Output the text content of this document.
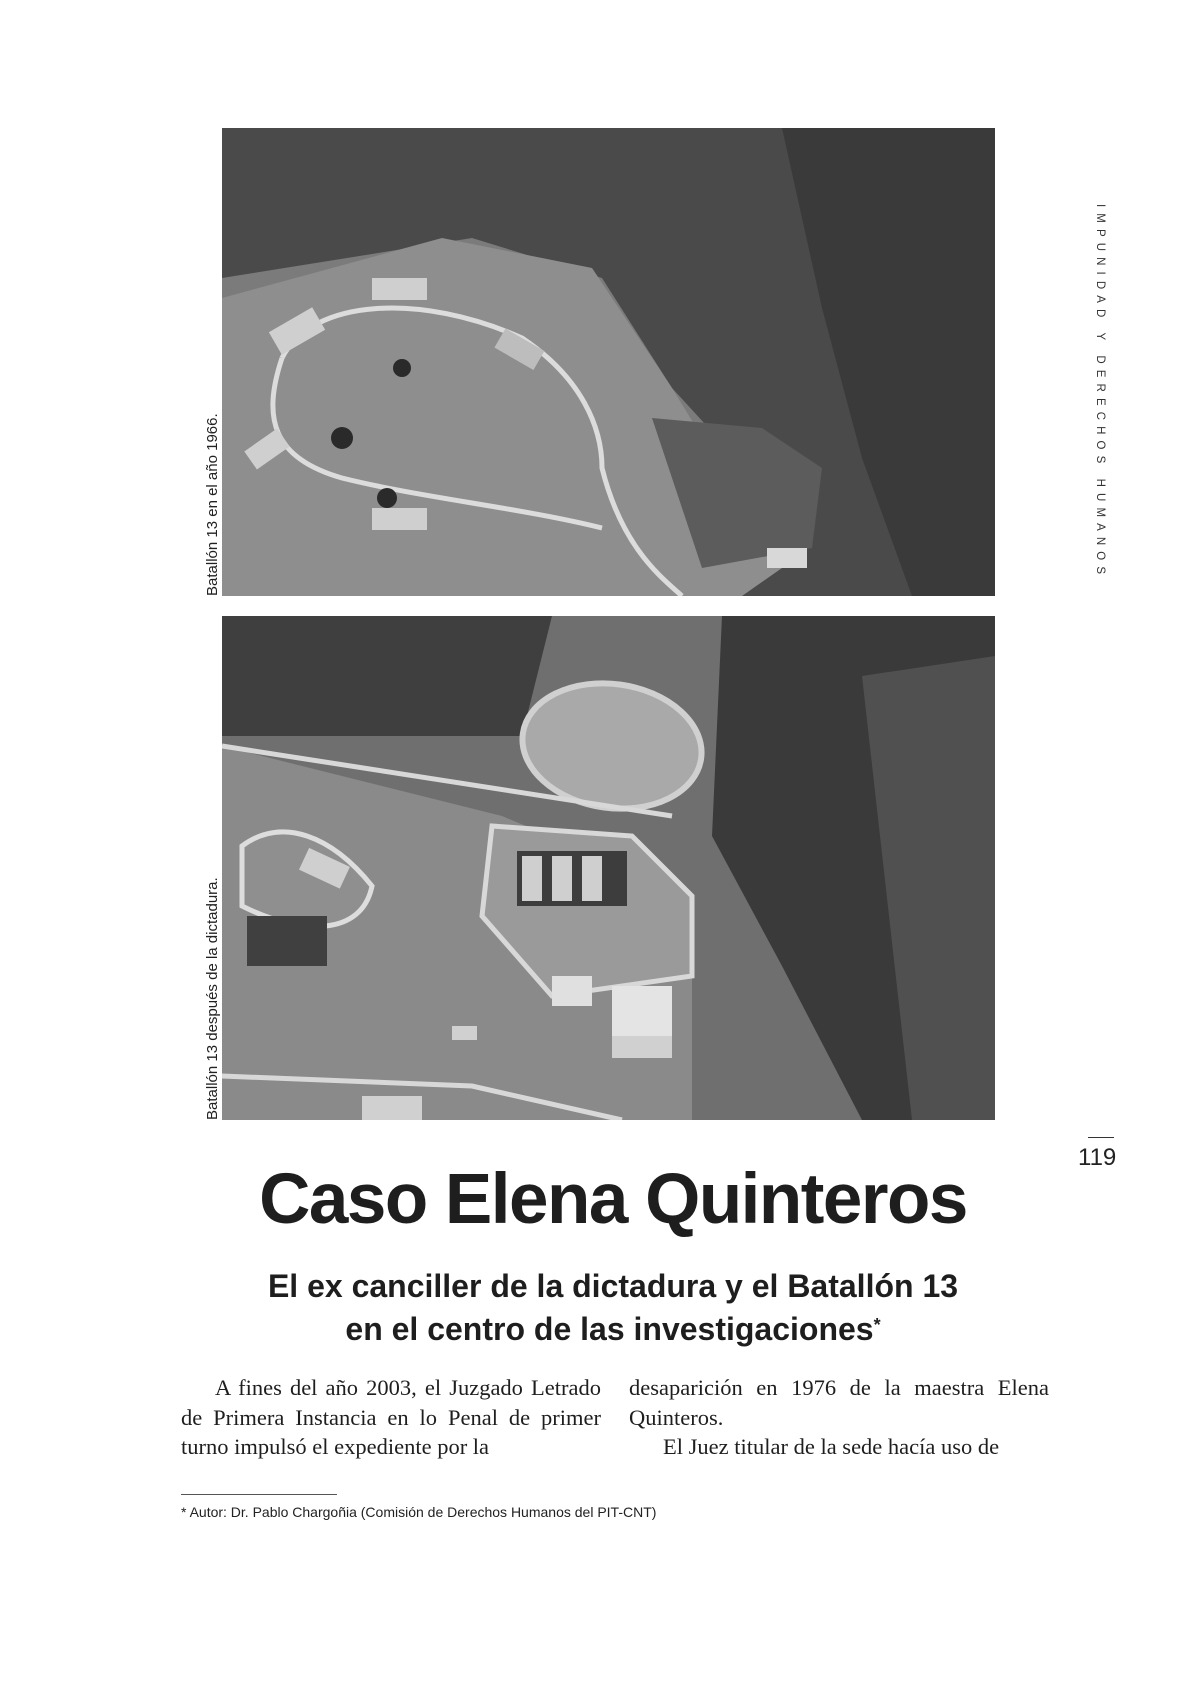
Batallón 13 en el año 1966.
Batallón 13 después de la dictadura.
IMPUNIDAD Y DERECHOS HUMANOS
119
Caso Elena Quinteros
El ex canciller de la dictadura y el Batallón 13
en el centro de las investigaciones*

A fines del año 2003, el Juzgado Letrado de Primera Instancia en lo Penal de primer turno impulsó el expediente por la

desaparición en 1976 de la maestra Elena Quinteros.

El Juez titular de la sede hacía uso de

* Autor: Dr. Pablo Chargoñia (Comisión de Derechos Humanos del PIT-CNT)
